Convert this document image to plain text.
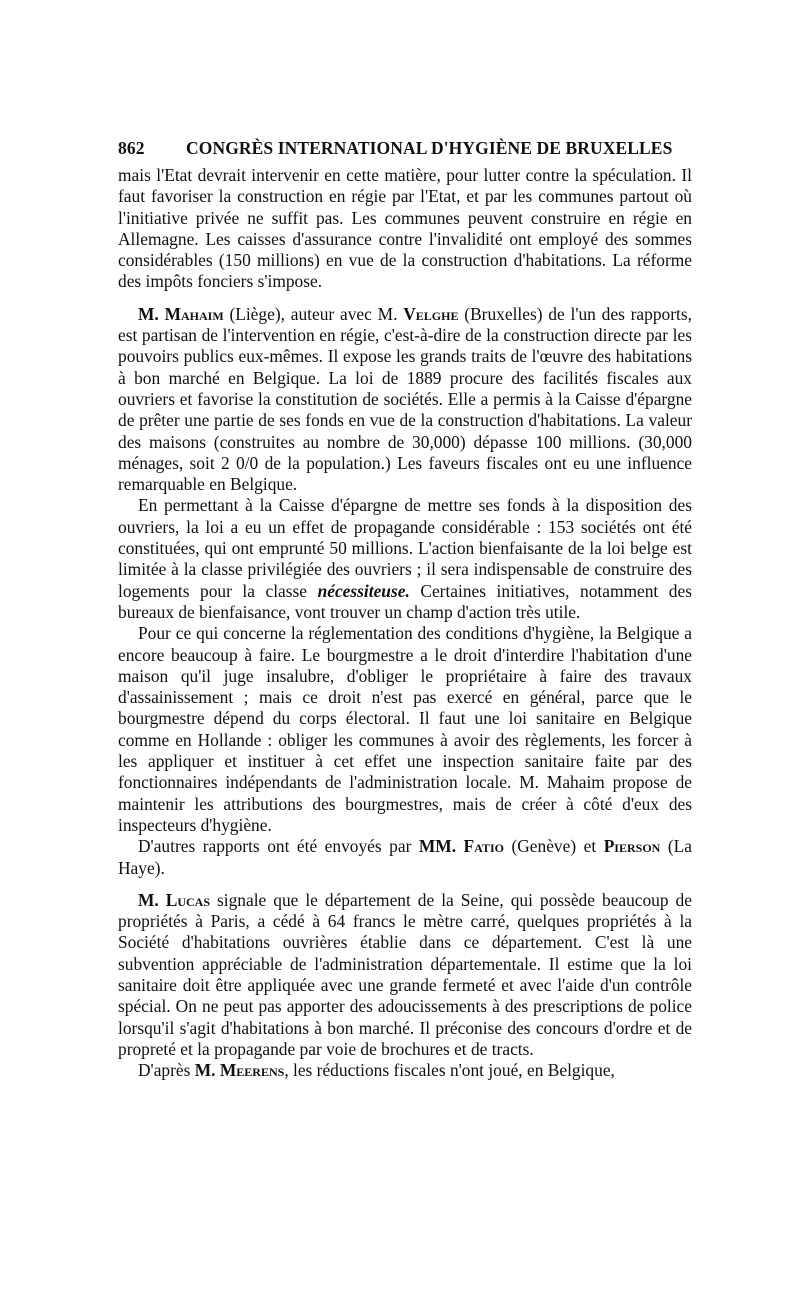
862	CONGRÈS INTERNATIONAL D'HYGIÈNE DE BRUXELLES

mais l'Etat devrait intervenir en cette matière, pour lutter contre la spéculation. Il faut favoriser la construction en régie par l'Etat, et par les communes partout où l'initiative privée ne suffit pas. Les communes peuvent construire en régie en Allemagne. Les caisses d'assurance contre l'invalidité ont employé des sommes considérables (150 millions) en vue de la construction d'habitations. La réforme des impôts fonciers s'impose.

M. Mahaim (Liège), auteur avec M. Velghe (Bruxelles) de l'un des rapports, est partisan de l'intervention en régie, c'est-à-dire de la construction directe par les pouvoirs publics eux-mêmes. Il expose les grands traits de l'œuvre des habitations à bon marché en Belgique. La loi de 1889 procure des facilités fiscales aux ouvriers et favorise la constitution de sociétés. Elle a permis à la Caisse d'épargne de prêter une partie de ses fonds en vue de la construction d'habitations. La valeur des maisons (construites au nombre de 30,000) dépasse 100 millions. (30,000 ménages, soit 2 0/0 de la population.) Les faveurs fiscales ont eu une influence remarquable en Belgique.

En permettant à la Caisse d'épargne de mettre ses fonds à la disposition des ouvriers, la loi a eu un effet de propagande considérable : 153 sociétés ont été constituées, qui ont emprunté 50 millions. L'action bienfaisante de la loi belge est limitée à la classe privilégiée des ouvriers ; il sera indispensable de construire des logements pour la classe nécessiteuse. Certaines initiatives, notamment des bureaux de bienfaisance, vont trouver un champ d'action très utile.

Pour ce qui concerne la réglementation des conditions d'hygiène, la Belgique a encore beaucoup à faire. Le bourgmestre a le droit d'interdire l'habitation d'une maison qu'il juge insalubre, d'obliger le propriétaire à faire des travaux d'assainissement ; mais ce droit n'est pas exercé en général, parce que le bourgmestre dépend du corps électoral. Il faut une loi sanitaire en Belgique comme en Hollande : obliger les communes à avoir des règlements, les forcer à les appliquer et instituer à cet effet une inspection sanitaire faite par des fonctionnaires indépendants de l'administration locale. M. Mahaim propose de maintenir les attributions des bourgmestres, mais de créer à côté d'eux des inspecteurs d'hygiène.

D'autres rapports ont été envoyés par MM. Fatio (Genève) et Pierson (La Haye).

M. Lucas signale que le département de la Seine, qui possède beaucoup de propriétés à Paris, a cédé à 64 francs le mètre carré, quelques propriétés à la Société d'habitations ouvrières établie dans ce département. C'est là une subvention appréciable de l'administration départementale. Il estime que la loi sanitaire doit être appliquée avec une grande fermeté et avec l'aide d'un contrôle spécial. On ne peut pas apporter des adoucissements à des prescriptions de police lorsqu'il s'agit d'habitations à bon marché. Il préconise des concours d'ordre et de propreté et la propagande par voie de brochures et de tracts.

D'après M. Meerens, les réductions fiscales n'ont joué, en Belgique,
